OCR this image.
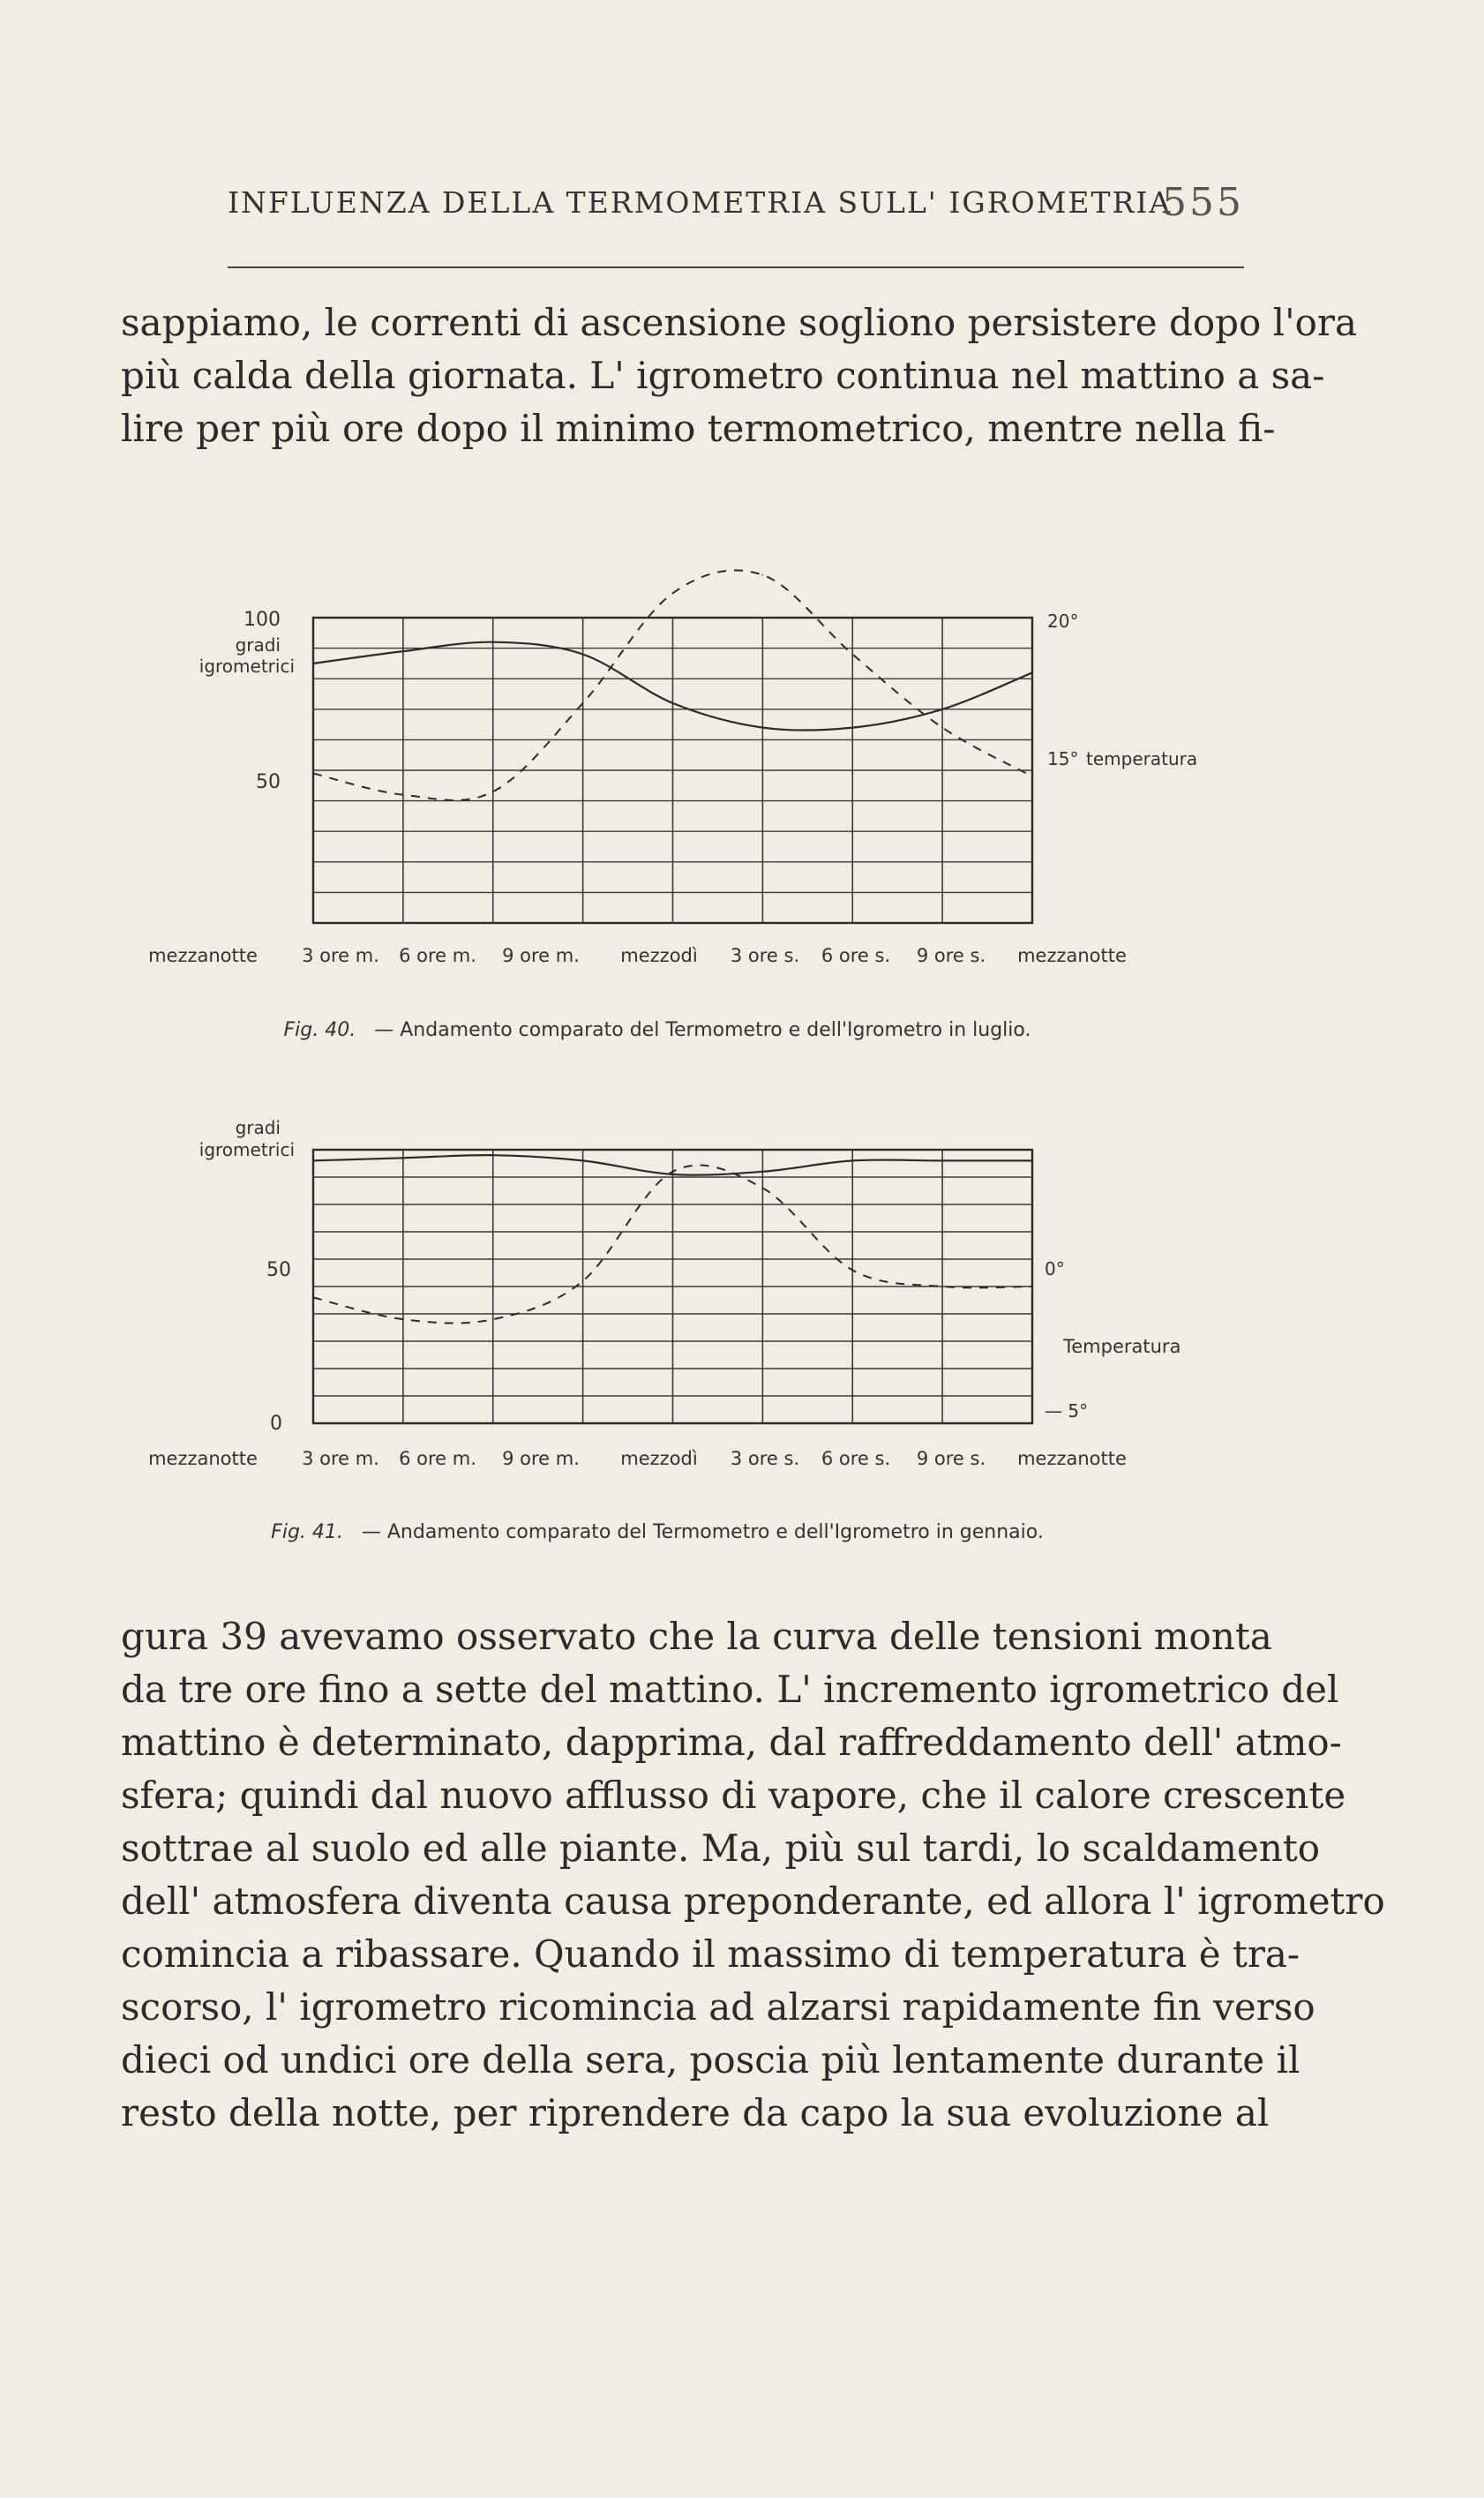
INFLUENZA DELLA TERMOMETRIA SULL' IGROMETRIA
555
sappiamo, le correnti di ascensione sogliono persistere dopo l'ora
più calda della giornata. L' igrometro continua nel mattino a sa-
lire per più ore dopo il minimo termometrico, mentre nella fi-
gura 39 avevamo osservato che la curva delle tensioni monta
da tre ore fino a sette del mattino. L' incremento igrometrico del
mattino è determinato, dapprima, dal raffreddamento dell' atmo-
sfera; quindi dal nuovo afflusso di vapore, che il calore crescente
sottrae al suolo ed alle piante. Ma, più sul tardi, lo scaldamento
dell' atmosfera diventa causa preponderante, ed allora l' igrometro
comincia a ribassare. Quando il massimo di temperatura è tra-
scorso, l' igrometro ricomincia ad alzarsi rapidamente fin verso
dieci od undici ore della sera, poscia più lentamente durante il
resto della notte, per riprendere da capo la sua evoluzione al
100
gradi
igrometrici
50
20°
15° temperatura
mezzanotte 3 ore m. 6 ore m. 9 ore m. mezzodì 3 ore s. 6 ore s. 9 ore s. mezzanotte
Fig. 40. — Andamento comparato del Termometro e dell'Igrometro in luglio.
gradi
igrometrici
50
0
0°
Temperatura
— 5°
mezzanotte 3 ore m. 6 ore m. 9 ore m. mezzodì 3 ore s. 6 ore s. 9 ore s. mezzanotte
Fig. 41. — Andamento comparato del Termometro e dell'Igrometro in gennaio.
